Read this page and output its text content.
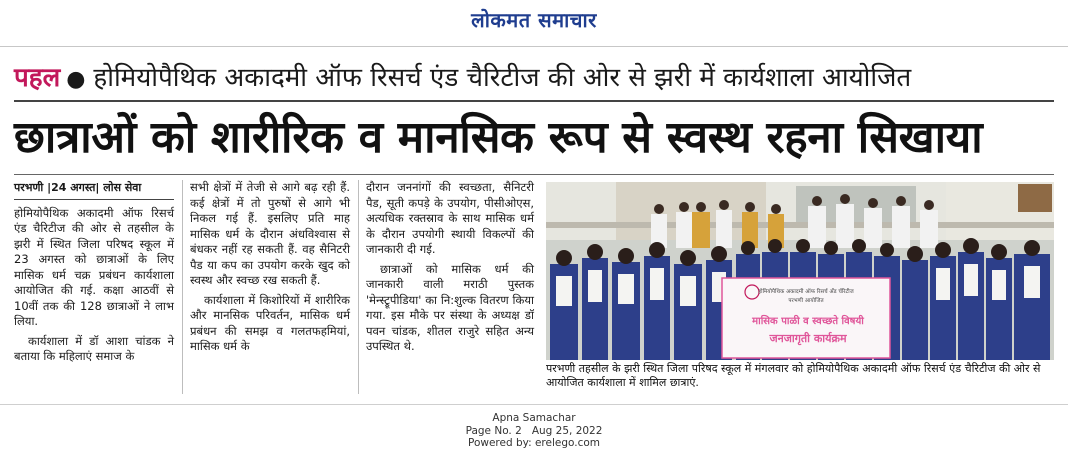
लोकमत समाचार
पहल ● होमियोपैथिक अकादमी ऑफ रिसर्च एंड चैरिटीज की ओर से झरी में कार्यशाला आयोजित
छात्राओं को शारीरिक व मानसिक रूप से स्वस्थ रहना सिखाया
परभणी |24 अगस्त| लोस सेवा

होमियोपैथिक अकादमी ऑफ रिसर्च एंड चैरिटीज की ओर से तहसील के झरी में स्थित जिला परिषद स्कूल में 23 अगस्त को छात्राओं के लिए मासिक धर्म चक्र प्रबंधन कार्यशाला आयोजित की गई. कक्षा आठवीं से 10वीं तक की 128 छात्राओं ने लाभ लिया.

कार्यशाला में डॉ आशा चांडक ने बताया कि महिलाएं समाज के

सभी क्षेत्रों में तेजी से आगे बढ़ रही हैं. कई क्षेत्रों में तो पुरुषों से आगे भी निकल गई हैं. इसलिए प्रति माह मासिक धर्म के दौरान अंधविश्वास से बंधकर नहीं रह सकती हैं. वह सैनिटरी पैड या कप का उपयोग करके खुद को स्वस्थ और स्वच्छ रख सकती हैं.

कार्यशाला में किशोरियों में शारीरिक और मानसिक परिवर्तन, मासिक धर्म प्रबंधन की समझ व गलतफहमियां, मासिक धर्म के

दौरान जननांगों की स्वच्छता, सैनिटरी पैड, सूती कपड़े के उपयोग, पीसीओएस, अत्यधिक रक्तस्राव के साथ मासिक धर्म के दौरान उपयोगी स्थायी विकल्पों की जानकारी दी गई.

छात्राओं को मासिक धर्म की जानकारी वाली मराठी पुस्तक 'मेन्स्ट्रूपीडिया' का नि:शुल्क वितरण किया गया. इस मौके पर संस्था के अध्यक्ष डॉ पवन चांडक, शीतल राजुरे सहित अन्य उपस्थित थे.

होमियोपैथिक अकादमी ऑफ रिसर्च अँड चॅरिटीज
परभणी आयोजित
मासिक पाळी व स्वच्छते विषयी
जनजागृती कार्यक्रम
परभणी तहसील के झरी स्थित जिला परिषद स्कूल में मंगलवार को होमियोपैथिक अकादमी ऑफ रिसर्च एंड चैरिटीज की ओर से आयोजित कार्यशाला में शामिल छात्राएं.
Apna Samachar
Page No. 2 Aug 25, 2022
Powered by: erelego.com
